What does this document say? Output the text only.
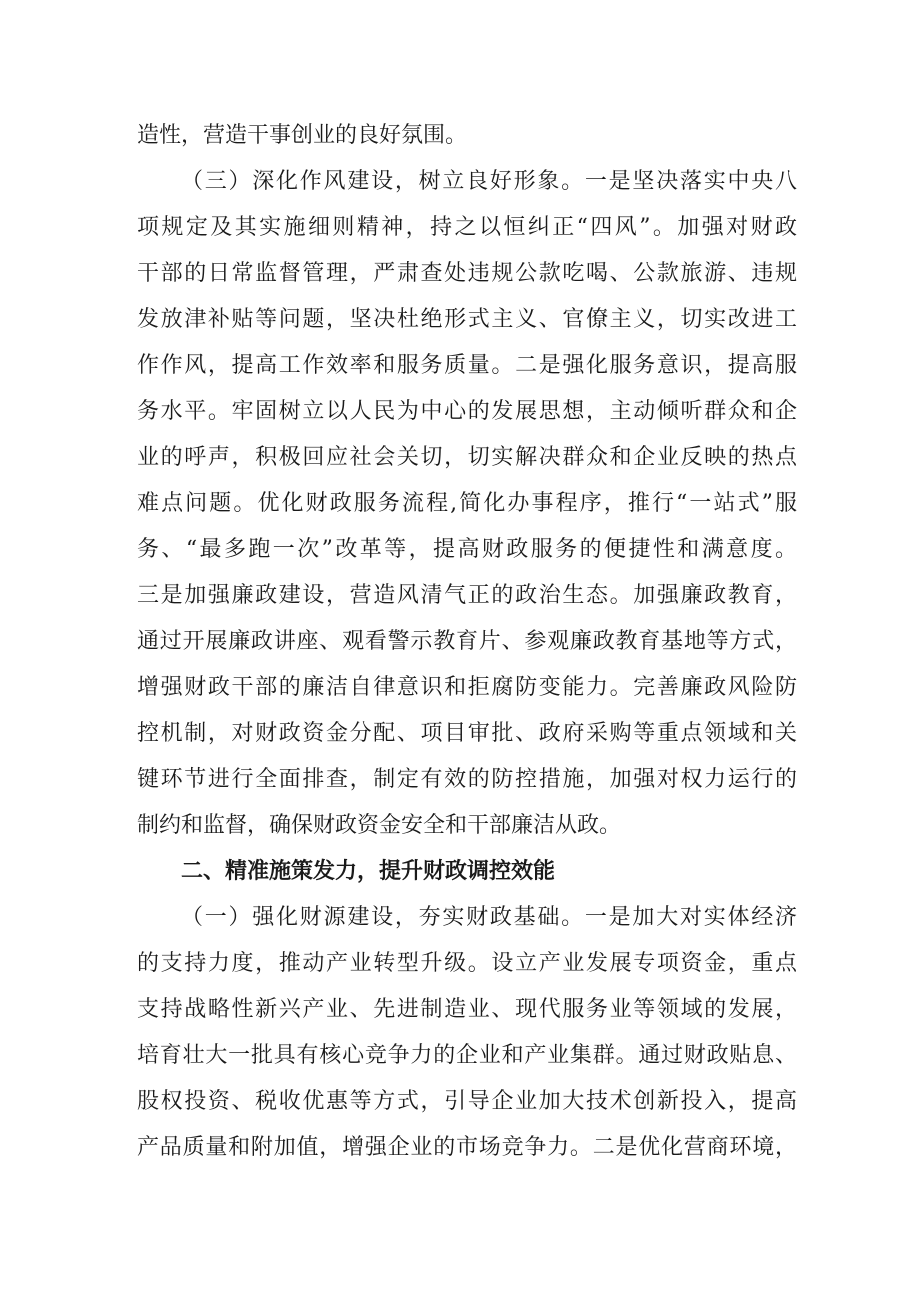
造性，营造干事创业的良好氛围。
（三）深化作风建设，树立良好形象。一是坚决落实中央八
项规定及其实施细则精神，持之以恒纠正“四风”。加强对财政
干部的日常监督管理，严肃查处违规公款吃喝、公款旅游、违规
发放津补贴等问题，坚决杜绝形式主义、官僚主义，切实改进工
作作风，提高工作效率和服务质量。二是强化服务意识，提高服
务水平。牢固树立以人民为中心的发展思想，主动倾听群众和企
业的呼声，积极回应社会关切，切实解决群众和企业反映的热点
难点问题。优化财政服务流程,简化办事程序，推行“一站式”服
务、“最多跑一次”改革等，提高财政服务的便捷性和满意度。
三是加强廉政建设，营造风清气正的政治生态。加强廉政教育，
通过开展廉政讲座、观看警示教育片、参观廉政教育基地等方式，
增强财政干部的廉洁自律意识和拒腐防变能力。完善廉政风险防
控机制，对财政资金分配、项目审批、政府采购等重点领域和关
键环节进行全面排查，制定有效的防控措施，加强对权力运行的
制约和监督，确保财政资金安全和干部廉洁从政。
二、精准施策发力，提升财政调控效能
（一）强化财源建设，夯实财政基础。一是加大对实体经济
的支持力度，推动产业转型升级。设立产业发展专项资金，重点
支持战略性新兴产业、先进制造业、现代服务业等领域的发展，
培育壮大一批具有核心竞争力的企业和产业集群。通过财政贴息、
股权投资、税收优惠等方式，引导企业加大技术创新投入，提高
产品质量和附加值，增强企业的市场竞争力。二是优化营商环境，
